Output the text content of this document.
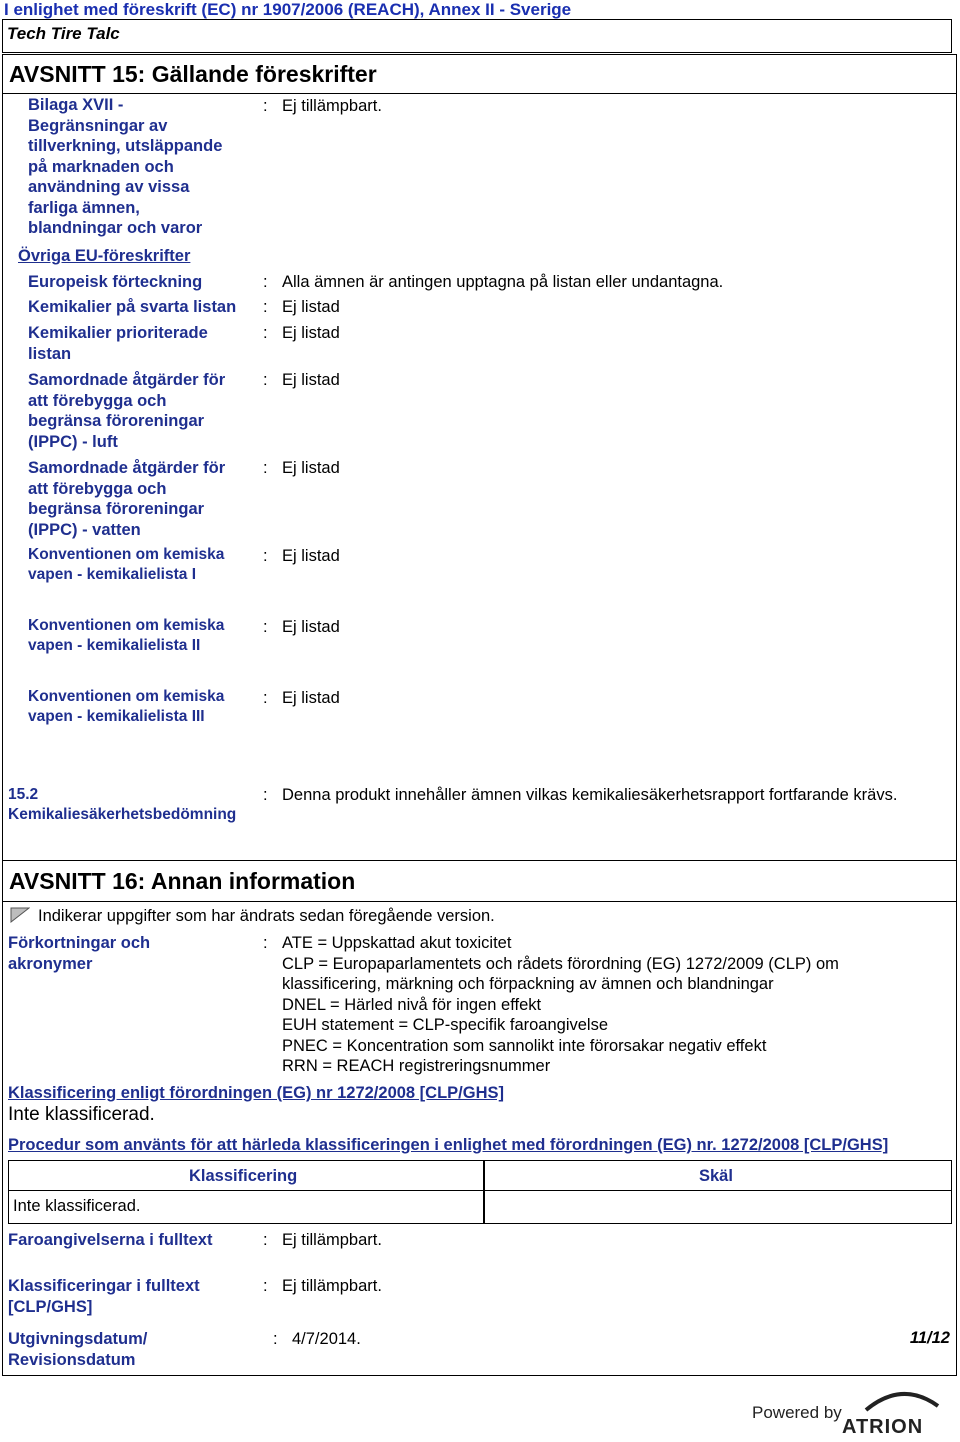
I enlighet med föreskrift (EC) nr 1907/2006 (REACH), Annex II - Sverige
Tech Tire Talc
AVSNITT 15: Gällande föreskrifter
Bilaga XVII -
Begränsningar av
tillverkning, utsläppande
på marknaden och
användning av vissa
farliga ämnen,
blandningar och varor
: Ej tillämpbart.
Övriga EU-föreskrifter
Europeisk förteckning	: Alla ämnen är antingen upptagna på listan eller undantagna.
Kemikalier på svarta listan : Ej listad
Kemikalier prioriterade
listan
: Ej listad
Samordnade åtgärder för
att förebygga och
begränsa föroreningar
(IPPC) - luft
: Ej listad
Samordnade åtgärder för
att förebygga och
begränsa föroreningar
(IPPC) - vatten
: Ej listad
Konventionen om kemiska
vapen - kemikalielista I
: Ej listad
Konventionen om kemiska
vapen - kemikalielista II
: Ej listad
Konventionen om kemiska
vapen - kemikalielista III
: Ej listad
15.2
Kemikaliesäkerhetsbedömning
: Denna produkt innehåller ämnen vilkas kemikaliesäkerhetsrapport fortfarande krävs.
AVSNITT 16: Annan information
Indikerar uppgifter som har ändrats sedan föregående version.
Förkortningar och
akronymer
: ATE = Uppskattad akut toxicitet
CLP = Europaparlamentets och rådets förordning (EG) 1272/2009 (CLP) om
klassificering, märkning och förpackning av ämnen och blandningar
DNEL = Härled nivå för ingen effekt
EUH statement = CLP-specifik faroangivelse
PNEC = Koncentration som sannolikt inte förorsakar negativ effekt
RRN = REACH registreringsnummer
Klassificering enligt förordningen (EG) nr 1272/2008 [CLP/GHS]
Inte klassificerad.
Procedur som använts för att härleda klassificeringen i enlighet med förordningen (EG) nr. 1272/2008 [CLP/GHS]
Klassificering	Skäl
Inte klassificerad.
Faroangivelserna i fulltext	: Ej tillämpbart.
Klassificeringar i fulltext
[CLP/GHS]
: Ej tillämpbart.
Utgivningsdatum/
Revisionsdatum
: 4/7/2014.	11/12
Powered by
ATRION
